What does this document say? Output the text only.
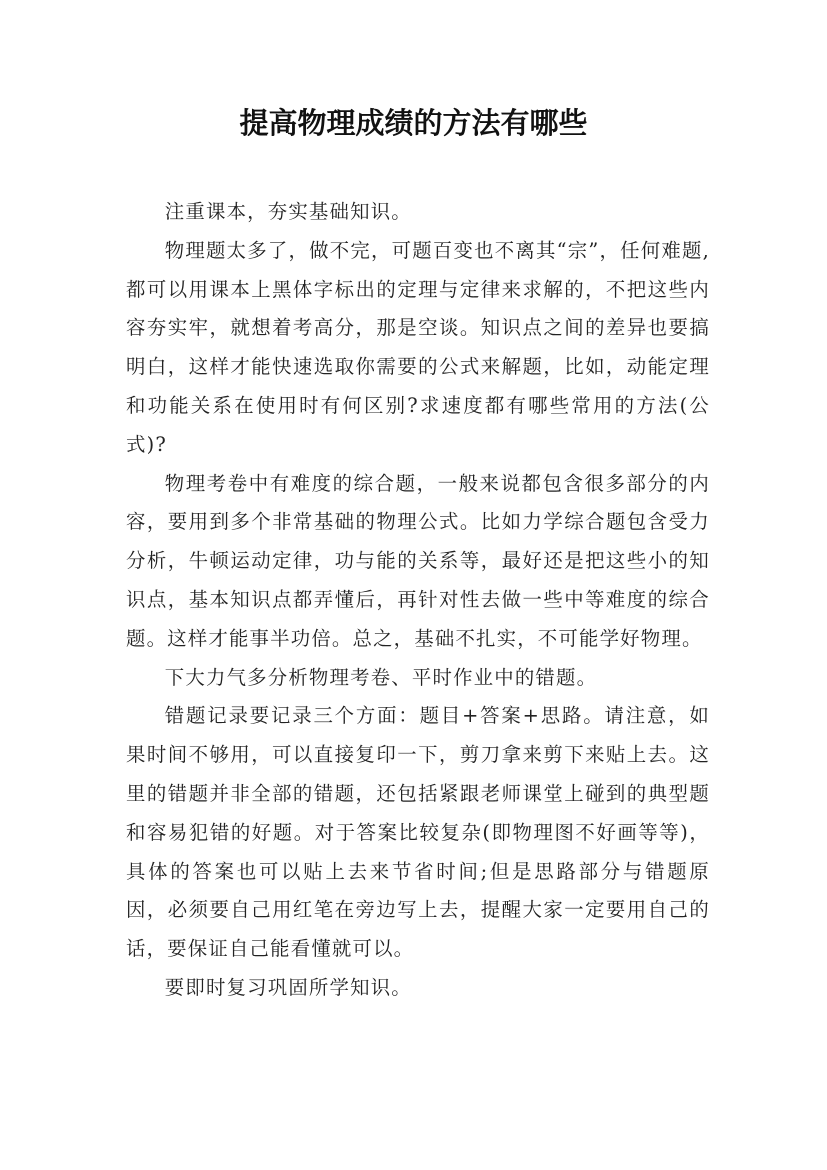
提高物理成绩的方法有哪些

注重课本，夯实基础知识。

物理题太多了，做不完，可题百变也不离其“宗”，任何难题,都可以用课本上黑体字标出的定理与定律来求解的，不把这些内容夯实牢，就想着考高分，那是空谈。知识点之间的差异也要搞明白，这样才能快速选取你需要的公式来解题，比如，动能定理和功能关系在使用时有何区别?求速度都有哪些常用的方法(公式)?

物理考卷中有难度的综合题，一般来说都包含很多部分的内容，要用到多个非常基础的物理公式。比如力学综合题包含受力分析，牛顿运动定律，功与能的关系等，最好还是把这些小的知识点，基本知识点都弄懂后，再针对性去做一些中等难度的综合题。这样才能事半功倍。总之，基础不扎实，不可能学好物理。

下大力气多分析物理考卷、平时作业中的错题。

错题记录要记录三个方面：题目+答案+思路。请注意，如果时间不够用，可以直接复印一下，剪刀拿来剪下来贴上去。这里的错题并非全部的错题，还包括紧跟老师课堂上碰到的典型题和容易犯错的好题。对于答案比较复杂(即物理图不好画等等)，具体的答案也可以贴上去来节省时间;但是思路部分与错题原因，必须要自己用红笔在旁边写上去，提醒大家一定要用自己的话，要保证自己能看懂就可以。

要即时复习巩固所学知识。
